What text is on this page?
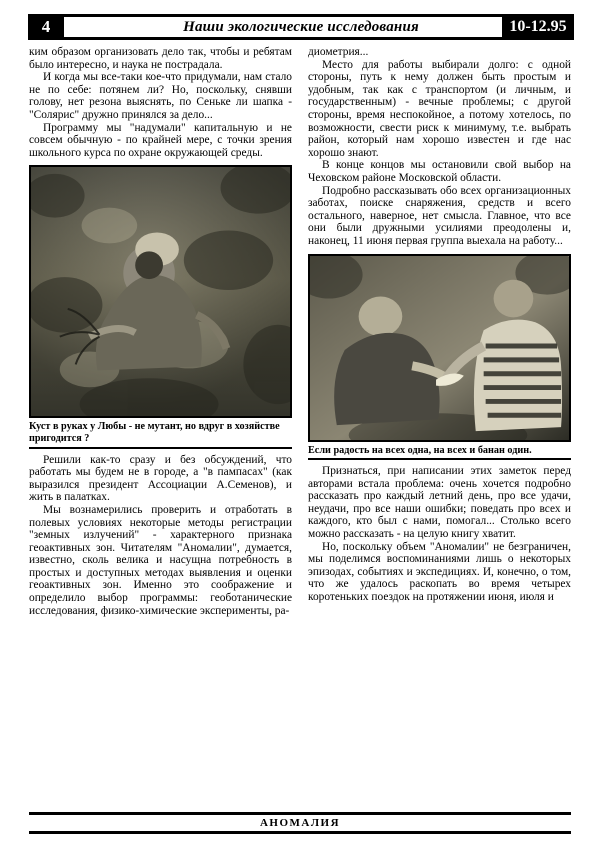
Наши экологические исследования
4	10-12.95

ким образом организовать дело так, чтобы и ребятам было интересно, и наука не пострадала.

И когда мы все-таки кое-что придумали, нам стало не по себе: потянем ли? Но, поскольку, снявши голову, нет резона выяснять, по Сеньке ли шапка - "Солярис" дружно принялся за дело...

Программу мы "надумали" капитальную и не совсем обычную - по крайней мере, с точки зрения школьного курса по охране окружающей среды.

Куст в руках у Любы - не мутант, но вдруг в хозяйстве пригодится ?

Решили как-то сразу и без обсуждений, что работать мы будем не в городе, а "в пампасах" (как выразился президент Ассоциации А.Семенов), и жить в палатках.

Мы вознамерились проверить и отработать в полевых условиях некоторые методы регистрации "земных излучений" - характерного признака геоактивных зон. Читателям "Аномалии", думается, известно, сколь велика и насущна потребность в простых и доступных методах выявления и оценки геоактивных зон. Именно это соображение и определило выбор программы: геоботанические исследования, физико-химические эксперименты, ра-

диометрия...

Место для работы выбирали долго: с одной стороны, путь к нему должен быть простым и удобным, так как с транспортом (и личным, и государственным) - вечные проблемы; с другой стороны, время неспокойное, а потому хотелось, по возможности, свести риск к минимуму, т.е. выбрать район, который нам хорошо известен и где нас хорошо знают.

В конце концов мы остановили свой выбор на Чеховском районе Московской области.

Подробно рассказывать обо всех организационных заботах, поиске снаряжения, средств и всего остального, наверное, нет смысла. Главное, что все они были дружными усилиями преодолены и, наконец, 11 июня первая группа выехала на работу...

Если радость на всех одна, на всех и банан один.

Признаться, при написании этих заметок перед авторами встала проблема: очень хочется подробно рассказать про каждый летний день, про все удачи, неудачи, про все наши ошибки; поведать про всех и каждого, кто был с нами, помогал... Столько всего можно рассказать - на целую книгу хватит.

Но, поскольку объем "Аномалии" не безграничен, мы поделимся воспоминаниями лишь о некоторых эпизодах, событиях и экспедициях. И, конечно, о том, что же удалось раскопать во время четырех коротеньких поездок на протяжении июня, июля и

АНОМАЛИЯ
